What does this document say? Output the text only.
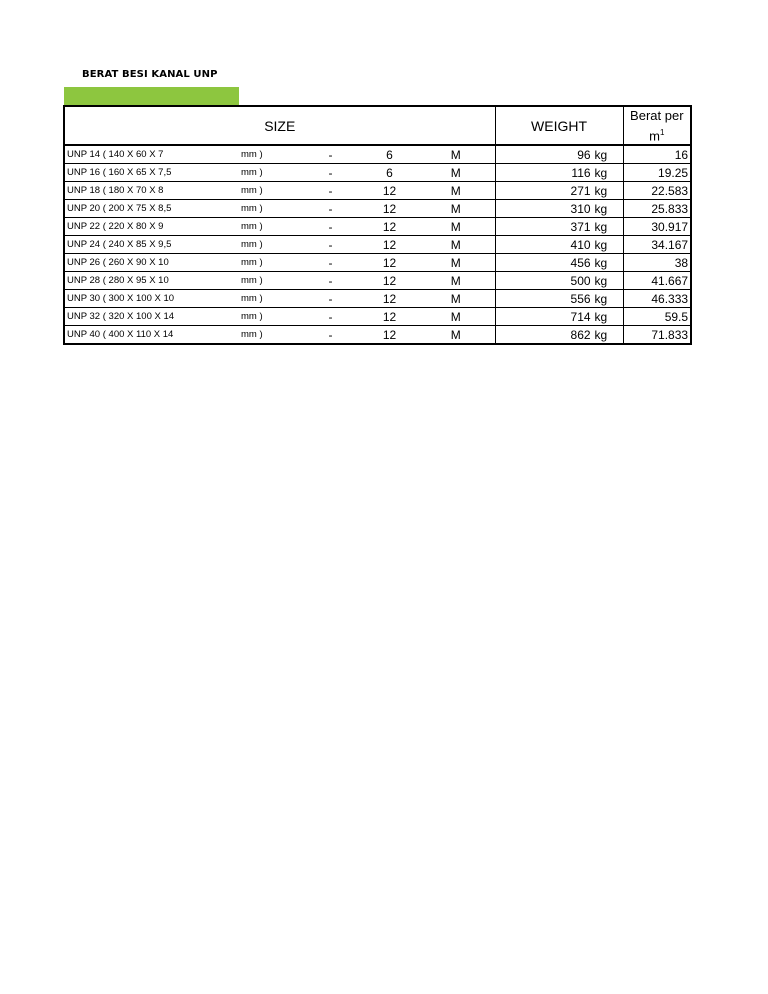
BERAT BESI KANAL UNP
SIZE					WEIGHT	Berat per
$m^1$
UNP 14 ( 140 X 60 X 7	mm )	-	6	M	96 kg	16
UNP 16 ( 160 X 65 X 7,5	mm )	-	6	M	116 kg	19.25
UNP 18 ( 180 X 70 X 8	mm )	-	12	M	271 kg	22.583
UNP 20 ( 200 X 75 X 8,5	mm )	-	12	M	310 kg	25.833
UNP 22 ( 220 X 80 X 9	mm )	-	12	M	371 kg	30.917
UNP 24 ( 240 X 85 X 9,5	mm )	-	12	M	410 kg	34.167
UNP 26 ( 260 X 90 X 10	mm )	-	12	M	456 kg	38
UNP 28 ( 280 X 95 X 10	mm )	-	12	M	500 kg	41.667
UNP 30 ( 300 X 100 X 10	mm )	-	12	M	556 kg	46.333
UNP 32 ( 320 X 100 X 14	mm )	-	12	M	714 kg	59.5
UNP 40 ( 400 X 110 X 14	mm )	-	12	M	862 kg	71.833
